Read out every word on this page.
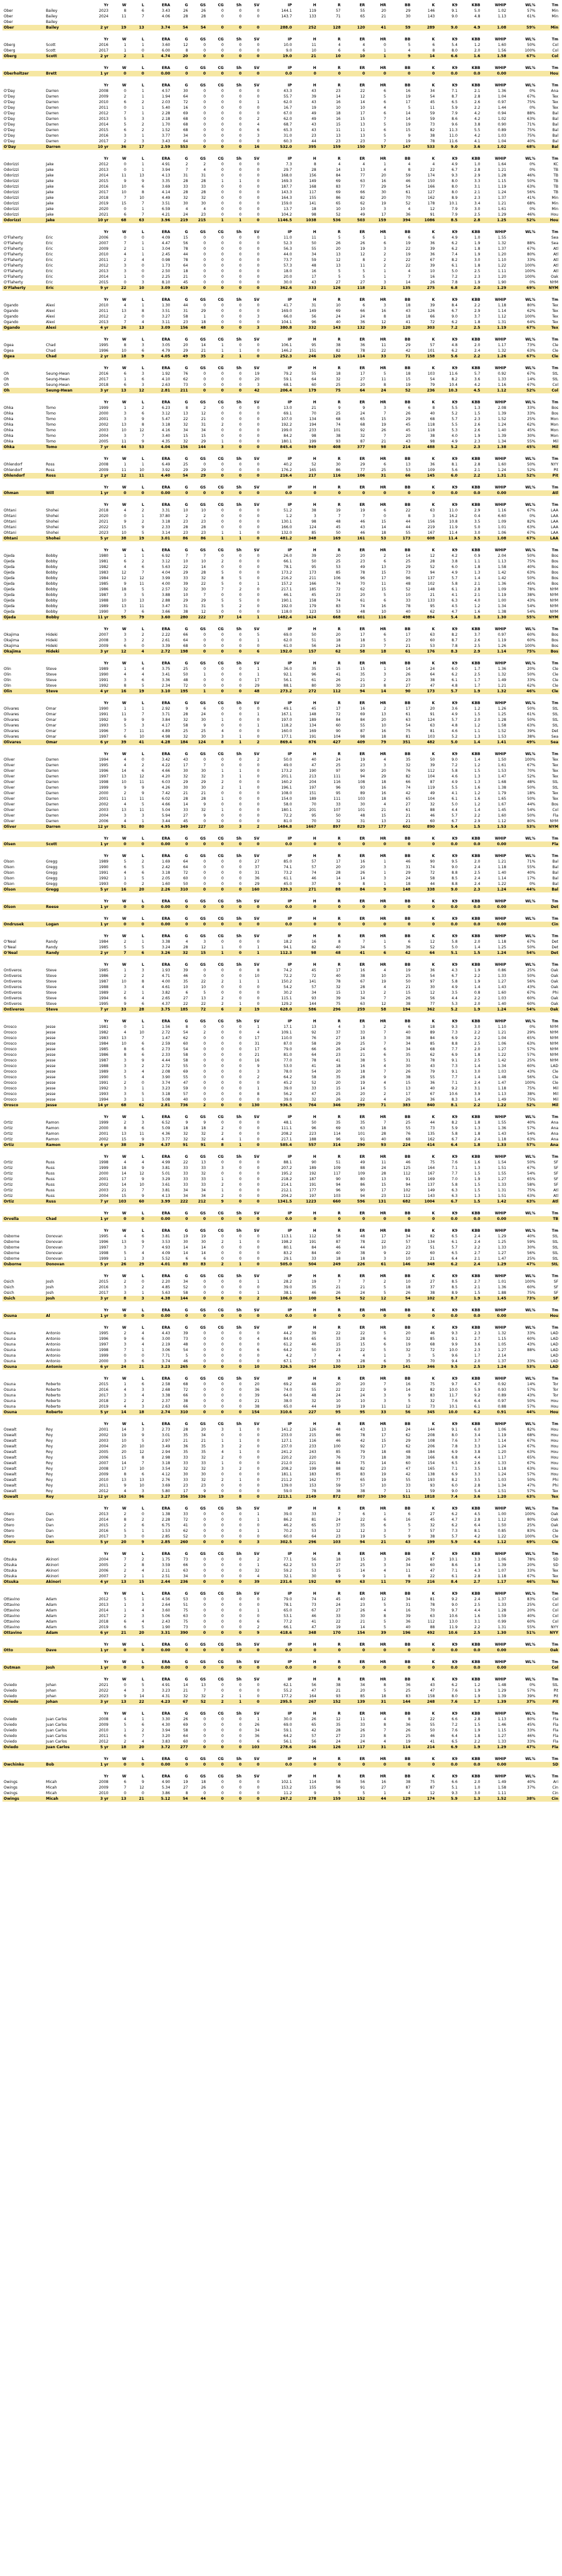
		Yr	W	L	ERA	G	GS	CG	Sh	SV	IP	H	R	ER	HR	BB	K	K9	KBB	WHIP	WL%	Tm
Ober	Bailey	2023	8	6	3.43	26	26	0	0	0	144.1	119	57	55	20	29	146	9.1	5.0	1.02	57%	Min
Ober	Bailey	2024	11	7	4.06	28	28	0	0	0	143.7	133	71	65	21	30	143	9.0	4.8	1.13	61%	Min
Ober	Bailey																					
Ober	Bailey	2 yr	19	13	3.74	54	54	0	0	0	288.0	252	128	120	41	59	289	9.0	4.9	1.08	59%	Min
		Yr	W	L	ERA	G	GS	CG	Sh	SV	IP	H	R	ER	HR	BB	K	K9	KBB	WHIP	WL%	Tm
Oberg	Scott	2016	1	1	3.60	12	0	0	0	0	10.0	11	4	4	0	5	6	5.4	1.2	1.60	50%	Col
Oberg	Scott	2017	1	0	6.00	8	0	0	0	0	9.0	10	6	6	1	4	8	8.0	2.0	1.56	100%	Col
Oberg	Scott	2 yr	2	1	4.74	20	0	0	0	0	19.0	21	10	10	1	9	14	6.6	1.6	1.58	67%	Col
		Yr	W	L	ERA	G	GS	CG	Sh	SV	IP	H	R	ER	HR	BB	K	K9	KBB	WHIP	WL%	Tm
Oberholtzer	Brett	1 yr	0	0	0.00	0	0	0	0	0	0.0	0	0	0	0	0	0	0.0	0.0	0.00		Hou
		Yr	W	L	ERA	G	GS	CG	Sh	SV	IP	H	R	ER	HR	BB	K	K9	KBB	WHIP	WL%	Tm
O'Day	Darren	2008	0	1	4.57	30	0	0	0	0	43.3	43	23	22	6	16	34	7.1	2.1	1.36	0%	Ana
O'Day	Darren	2009	2	1	1.94	64	0	0	0	0	55.7	39	14	12	5	19	54	8.7	2.8	1.04	67%	Tex
O'Day	Darren	2010	6	2	2.03	72	0	0	0	1	62.0	43	16	14	6	17	45	6.5	2.6	0.97	75%	Tex
O'Day	Darren	2011	0	1	5.40	16	0	0	0	0	16.7	19	10	10	4	5	11	5.9	2.2	1.44	0%	Tex
O'Day	Darren	2012	7	1	2.28	69	0	0	0	0	67.0	49	18	17	6	14	59	7.9	4.2	0.94	88%	Bal
O'Day	Darren	2013	5	3	2.18	68	0	0	0	2	62.0	49	16	15	7	14	59	8.6	4.2	1.02	63%	Bal
O'Day	Darren	2014	5	2	1.70	68	0	0	0	4	68.7	43	15	13	5	19	73	9.6	3.8	0.90	71%	Bal
O'Day	Darren	2015	6	2	1.52	68	0	0	0	6	65.3	43	11	11	6	15	82	11.3	5.5	0.89	75%	Bal
O'Day	Darren	2016	3	1	3.77	34	0	0	0	3	31.0	23	13	13	5	9	38	11.0	4.2	1.03	75%	Bal
O'Day	Darren	2017	2	3	3.43	64	0	0	0	0	60.3	44	23	23	7	19	78	11.6	4.1	1.04	40%	Bal
O'Day	Darren	10 yr	36	17	2.59	553	0	0	0	16	532.0	395	159	150	57	147	533	9.0	3.6	1.02	68%	Bal
		Yr	W	L	ERA	G	GS	CG	Sh	SV	IP	H	R	ER	HR	BB	K	K9	KBB	WHIP	WL%	Tm
Odorizzi	Jake	2012	0	1	4.91	2	2	0	0	0	7.3	8	4	4	1	4	4	4.9	1.0	1.64	0%	KC
Odorizzi	Jake	2013	0	1	3.94	7	4	0	0	0	29.7	28	14	13	4	8	22	6.7	2.8	1.21	0%	TB
Odorizzi	Jake	2014	11	13	4.13	31	31	0	0	0	168.0	156	84	77	20	59	174	9.3	2.9	1.28	46%	TB
Odorizzi	Jake	2015	9	9	3.35	28	28	1	1	0	169.3	149	69	63	16	46	150	8.0	3.3	1.15	50%	TB
Odorizzi	Jake	2016	10	6	3.69	33	33	0	0	0	187.7	168	83	77	29	54	166	8.0	3.1	1.19	63%	TB
Odorizzi	Jake	2017	10	8	4.14	28	28	0	0	0	143.3	117	69	66	30	61	127	8.0	2.1	1.24	56%	TB
Odorizzi	Jake	2018	7	10	4.49	32	32	0	0	0	164.3	155	86	82	20	70	162	8.9	2.3	1.37	41%	Min
Odorizzi	Jake	2019	15	7	3.51	30	30	0	0	0	159.0	141	65	62	19	52	178	10.1	3.4	1.21	68%	Min
Odorizzi	Jake	2020	0	1	6.59	4	4	0	0	0	13.7	18	10	10	3	4	12	7.9	3.0	1.61	0%	Min
Odorizzi	Jake	2021	6	7	4.21	24	23	0	0	0	104.2	98	52	49	17	36	91	7.9	2.5	1.29	46%	Hou
Odorizzi	Jake	10 yr	68	63	3.96	219	215	1	1	0	1146.5	1038	536	503	159	394	1086	8.5	2.8	1.25	52%	Hou
		Yr	W	L	ERA	G	GS	CG	Sh	SV	IP	H	R	ER	HR	BB	K	K9	KBB	WHIP	WL%	Tm
O'Flaherty	Eric	2006	0	0	4.09	15	0	0	0	0	11.0	11	5	5	1	6	6	4.9	1.0	1.55		Sea
O'Flaherty	Eric	2007	7	1	4.47	56	0	0	0	0	52.3	50	26	26	6	19	36	6.2	1.9	1.32	88%	Sea
O'Flaherty	Eric	2009	2	1	3.04	78	0	0	0	0	56.3	55	20	19	3	22	39	6.2	1.8	1.37	67%	Atl
O'Flaherty	Eric	2010	4	1	2.45	44	0	0	0	0	44.0	34	13	12	2	19	36	7.4	1.9	1.20	80%	Atl
O'Flaherty	Eric	2011	2	4	0.98	78	0	0	0	0	73.7	59	12	8	2	22	67	8.2	3.0	1.10	33%	Atl
O'Flaherty	Eric	2012	3	0	1.73	64	0	0	0	0	57.3	48	13	11	2	22	39	6.1	1.8	1.22	100%	Atl
O'Flaherty	Eric	2013	3	0	2.50	18	0	0	0	0	18.0	16	5	5	1	4	10	5.0	2.5	1.11	100%	Atl
O'Flaherty	Eric	2014	1	0	2.25	21	0	0	0	0	20.0	17	5	5	1	7	16	7.2	2.3	1.20	100%	Oak
O'Flaherty	Eric	2015	0	3	8.10	45	0	0	0	0	30.0	43	27	27	3	14	26	7.8	1.9	1.90	0%	NYM
O'Flaherty	Eric	9 yr	22	10	3.09	419	0	0	0	0	362.6	333	126	118	21	135	275	6.8	2.0	1.29	69%	NYM
		Yr	W	L	ERA	G	GS	CG	Sh	SV	IP	H	R	ER	HR	BB	K	K9	KBB	WHIP	WL%	Tm
Ogando	Alexi	2010	4	1	1.30	44	0	0	0	0	41.7	31	10	6	3	18	39	8.4	2.2	1.18	80%	Tex
Ogando	Alexi	2011	13	8	3.51	31	29	0	0	0	169.0	149	69	66	16	43	126	6.7	2.9	1.14	62%	Tex
Ogando	Alexi	2012	2	0	3.27	58	1	0	0	3	66.0	56	24	24	8	18	66	9.0	3.7	1.12	100%	Tex
Ogando	Alexi	2013	7	4	3.11	23	18	0	0	0	104.1	96	40	36	12	41	72	6.2	1.8	1.31	64%	Tex
Ogando	Alexi	4 yr	26	13	3.09	156	48	0	0	3	380.8	332	143	132	39	120	303	7.2	2.5	1.19	67%	Tex
		Yr	W	L	ERA	G	GS	CG	Sh	SV	IP	H	R	ER	HR	BB	K	K9	KBB	WHIP	WL%	Tm
Ogea	Chad	1995	8	3	3.05	20	14	1	0	0	106.1	95	38	36	11	29	57	4.8	2.0	1.17	73%	Cle
Ogea	Chad	1996	10	6	4.79	29	21	1	1	0	146.2	151	82	78	22	42	101	6.2	2.4	1.32	63%	Cle
Ogea	Chad	2 yr	18	9	4.05	49	35	2	1	0	252.3	246	120	114	33	71	158	5.6	2.2	1.26	67%	Cle
		Yr	W	L	ERA	G	GS	CG	Sh	SV	IP	H	R	ER	HR	BB	K	K9	KBB	WHIP	WL%	Tm
Oh	Seung-Hwan	2016	6	3	1.92	76	0	0	0	19	79.2	55	18	17	5	18	103	11.6	5.7	0.92	67%	StL
Oh	Seung-Hwan	2017	1	6	4.10	62	0	0	0	20	59.1	64	32	27	11	15	54	8.2	3.6	1.33	14%	StL
Oh	Seung-Hwan	2018	6	3	2.63	73	0	0	0	3	68.1	60	25	20	8	19	79	10.4	4.2	1.16	67%	Col
Oh	Seung-Hwan	3 yr	13	12	2.81	211	0	0	0	42	206.4	179	75	64	24	52	236	10.3	4.5	1.12	52%	Col
		Yr	W	L	ERA	G	GS	CG	Sh	SV	IP	H	R	ER	HR	BB	K	K9	KBB	WHIP	WL%	Tm
Ohka	Tomo	1999	1	2	6.23	8	2	0	0	0	13.0	21	9	9	3	6	8	5.5	1.3	2.08	33%	Bos
Ohka	Tomo	2000	3	6	3.12	13	12	0	0	0	69.1	70	25	24	7	26	40	5.2	1.5	1.39	33%	Bos
Ohka	Tomo	2001	3	9	5.47	22	21	0	0	0	107.0	134	68	65	15	29	68	5.7	2.3	1.52	25%	Mon
Ohka	Tomo	2002	13	8	3.18	32	31	2	0	0	192.2	194	74	68	19	45	118	5.5	2.6	1.24	62%	Mon
Ohka	Tomo	2003	10	12	4.16	34	34	0	0	0	199.0	233	101	92	26	45	118	5.3	2.6	1.40	45%	Mon
Ohka	Tomo	2004	3	7	3.40	15	15	0	0	0	84.2	98	38	32	7	20	38	4.0	1.9	1.39	30%	Mon
Ohka	Tomo	2005	11	9	4.35	32	29	1	0	0	180.1	199	93	87	21	43	98	4.9	2.3	1.34	55%	Mil
Ohka	Tomo	7 yr	44	53	4.04	156	144	3	0	0	845.4	949	408	377	98	214	488	5.2	2.3	1.38	45%	Mil
		Yr	W	L	ERA	G	GS	CG	Sh	SV	IP	H	R	ER	HR	BB	K	K9	KBB	WHIP	WL%	Tm
Ohlendorf	Ross	2008	1	1	6.49	25	0	0	0	0	40.2	52	30	29	6	13	36	8.1	2.8	1.60	50%	NYY
Ohlendorf	Ross	2009	11	10	3.92	29	29	0	0	0	176.2	165	86	77	25	53	109	5.6	2.1	1.24	52%	Pit
Ohlendorf	Ross	2 yr	12	11	4.40	54	29	0	0	0	216.4	217	116	106	31	66	145	6.0	2.2	1.31	52%	Pit
		Yr	W	L	ERA	G	GS	CG	Sh	SV	IP	H	R	ER	HR	BB	K	K9	KBB	WHIP	WL%	Tm
Ohman	Will	1 yr	0	0	0.00	0	0	0	0	0	0.0	0	0	0	0	0	0	0.0	0.0	0.00		Atl
		Yr	W	L	ERA	G	GS	CG	Sh	SV	IP	H	R	ER	HR	BB	K	K9	KBB	WHIP	WL%	Tm
Ohtani	Shohei	2018	4	2	3.31	10	10	0	0	0	51.2	38	19	19	6	22	63	11.0	2.9	1.16	67%	LAA
Ohtani	Shohei	2020	0	1	37.80	2	2	0	0	0	1.2	3	7	7	0	8	3	16.2	0.4	6.60	0%	LAA
Ohtani	Shohei	2021	9	2	3.18	23	23	0	0	0	130.1	98	48	46	15	44	156	10.8	3.5	1.09	82%	LAA
Ohtani	Shohei	2022	15	9	2.33	28	28	0	0	0	166.0	124	45	43	14	44	219	11.9	5.0	1.01	63%	LAA
Ohtani	Shohei	2023	10	5	3.14	23	23	1	1	0	132.0	85	50	46	18	55	167	11.4	3.0	1.06	67%	LAA
Ohtani	Shohei	5 yr	38	19	3.01	86	86	1	1	0	481.2	348	169	161	53	173	608	11.4	3.5	1.08	67%	LAA
		Yr	W	L	ERA	G	GS	CG	Sh	SV	IP	H	R	ER	HR	BB	K	K9	KBB	WHIP	WL%	Tm
Ojeda	Bobby	1980	1	1	6.92	7	7	0	0	0	26.0	39	20	20	2	14	12	4.2	0.9	2.04	50%	Bos
Ojeda	Bobby	1981	6	2	3.12	10	10	2	0	0	66.1	50	25	23	6	25	28	3.8	1.1	1.13	75%	Bos
Ojeda	Bobby	1982	4	6	5.63	22	14	0	0	0	78.1	95	53	49	13	29	52	6.0	1.8	1.58	40%	Bos
Ojeda	Bobby	1983	12	7	4.04	29	28	5	0	0	173.2	173	85	78	15	73	94	4.9	1.3	1.42	63%	Bos
Ojeda	Bobby	1984	12	12	3.99	33	32	8	5	0	216.2	211	106	96	17	96	137	5.7	1.4	1.42	50%	Bos
Ojeda	Bobby	1985	9	11	4.00	39	22	5	0	1	157.2	166	74	70	11	48	102	5.8	2.1	1.36	45%	Bos
Ojeda	Bobby	1986	18	5	2.57	32	30	7	2	0	217.1	185	72	62	15	52	148	6.1	2.8	1.09	78%	NYM
Ojeda	Bobby	1987	3	5	3.88	10	7	0	0	0	46.1	45	23	20	5	10	21	4.1	2.1	1.19	38%	NYM
Ojeda	Bobby	1988	10	13	2.88	29	29	5	5	0	190.1	158	74	61	6	33	133	6.3	4.0	1.00	43%	NYM
Ojeda	Bobby	1989	13	11	3.47	31	31	5	2	0	192.0	179	83	74	16	78	95	4.5	1.2	1.34	54%	NYM
Ojeda	Bobby	1990	7	6	3.66	38	12	0	0	0	118.0	123	53	48	10	40	62	4.7	1.6	1.38	54%	NYM
Ojeda	Bobby	11 yr	95	79	3.60	280	222	37	14	1	1482.4	1424	668	601	116	498	884	5.4	1.8	1.30	55%	NYM
		Yr	W	L	ERA	G	GS	CG	Sh	SV	IP	H	R	ER	HR	BB	K	K9	KBB	WHIP	WL%	Tm
Okajima	Hideki	2007	3	2	2.22	66	0	0	0	5	69.0	50	20	17	6	17	63	8.2	3.7	0.97	60%	Bos
Okajima	Hideki	2008	3	2	2.61	64	0	0	0	1	62.0	51	18	18	5	23	60	8.7	2.6	1.19	60%	Bos
Okajima	Hideki	2009	6	0	3.39	68	0	0	0	0	61.0	56	24	23	7	21	53	7.8	2.5	1.26	100%	Bos
Okajima	Hideki	3 yr	12	4	2.72	198	0	0	0	6	192.0	157	62	58	18	61	176	8.3	2.9	1.14	75%	Bos
		Yr	W	L	ERA	G	GS	CG	Sh	SV	IP	H	R	ER	HR	BB	K	K9	KBB	WHIP	WL%	Tm
Olin	Steve	1989	1	4	3.75	25	0	0	0	1	36.0	35	15	15	1	14	24	6.0	1.7	1.36	20%	Cle
Olin	Steve	1990	4	4	3.41	50	1	0	0	1	92.1	96	41	35	3	26	64	6.2	2.5	1.32	50%	Cle
Olin	Steve	1991	3	6	3.36	48	0	0	0	17	56.1	61	26	21	2	23	38	6.1	1.7	1.49	33%	Cle
Olin	Steve	1992	8	5	2.34	72	0	0	0	29	88.1	80	30	23	8	27	47	4.8	1.7	1.21	62%	Cle
Olin	Steve	4 yr	16	19	3.10	195	1	0	0	48	273.2	272	112	94	14	90	173	5.7	1.9	1.32	46%	Cle
		Yr	W	L	ERA	G	GS	CG	Sh	SV	IP	H	R	ER	HR	BB	K	K9	KBB	WHIP	WL%	Tm
Olivares	Omar	1990	1	1	2.92	9	6	0	0	0	49.1	45	17	16	2	17	20	3.6	1.2	1.26	50%	StL
Olivares	Omar	1991	11	7	3.71	28	24	0	0	1	167.1	148	72	69	13	61	91	4.9	1.5	1.25	61%	StL
Olivares	Omar	1992	9	9	3.84	32	30	1	0	0	197.0	189	84	84	20	63	124	5.7	2.0	1.28	50%	StL
Olivares	Omar	1993	5	3	4.17	58	9	0	0	1	118.2	134	60	55	10	54	63	4.8	1.2	1.58	63%	StL
Olivares	Omar	1996	7	11	4.89	25	25	4	0	0	160.0	169	90	87	16	75	81	4.6	1.1	1.52	39%	Det
Olivares	Omar	1997	6	10	4.98	32	30	3	1	0	177.1	191	104	98	18	81	103	5.2	1.3	1.53	38%	Sea
Olivares	Omar	6 yr	39	41	4.28	184	124	8	1	2	869.4	876	427	409	79	351	482	5.0	1.4	1.41	49%	Sea
		Yr	W	L	ERA	G	GS	CG	Sh	SV	IP	H	R	ER	HR	BB	K	K9	KBB	WHIP	WL%	Tm
Oliver	Darren	1994	4	0	3.42	43	0	0	0	2	50.0	40	24	19	4	35	50	9.0	1.4	1.50	100%	Tex
Oliver	Darren	1995	4	2	4.22	17	7	0	0	0	49.0	47	25	23	3	32	39	7.2	1.2	1.61	67%	Tex
Oliver	Darren	1996	14	6	4.66	30	30	1	1	0	173.2	190	97	90	20	76	112	5.8	1.5	1.53	70%	Tex
Oliver	Darren	1997	13	12	4.20	32	32	3	1	0	201.1	213	111	94	29	82	104	4.6	1.3	1.47	52%	Tex
Oliver	Darren	1998	10	11	6.03	29	29	2	0	0	160.2	204	116	108	18	66	87	4.9	1.3	1.68	48%	StL
Oliver	Darren	1999	9	9	4.26	30	30	2	1	0	196.1	197	96	93	16	74	119	5.5	1.6	1.38	50%	StL
Oliver	Darren	2000	2	9	7.42	21	21	0	0	0	108.0	151	95	89	16	42	49	4.1	1.2	1.79	18%	Tex
Oliver	Darren	2001	11	11	6.02	28	28	1	0	0	154.0	189	111	103	18	65	104	6.1	1.6	1.65	50%	Tex
Oliver	Darren	2002	4	5	4.66	14	9	0	0	0	58.0	70	33	30	4	27	32	5.0	1.2	1.67	44%	Bos
Oliver	Darren	2003	13	11	5.04	33	32	1	0	0	180.1	201	107	101	21	61	88	4.4	1.4	1.45	54%	Col
Oliver	Darren	2004	3	3	5.94	27	9	0	0	0	72.2	95	50	48	15	21	46	5.7	2.2	1.60	50%	Fla
Oliver	Darren	2006	4	1	3.44	45	0	0	0	0	81.0	70	32	31	13	21	60	6.7	2.9	1.12	80%	NYM
Oliver	Darren	12 yr	91	80	4.95	349	227	10	3	2	1484.8	1667	897	829	177	602	890	5.4	1.5	1.53	53%	NYM
		Yr	W	L	ERA	G	GS	CG	Sh	SV	IP	H	R	ER	HR	BB	K	K9	KBB	WHIP	WL%	Tm
Olsen	Scott	1 yr	0	0	0.00	0	0	0	0	0	0.0	0	0	0	0	0	0	0.0	0.0	0.00		Fla
		Yr	W	L	ERA	G	GS	CG	Sh	SV	IP	H	R	ER	HR	BB	K	K9	KBB	WHIP	WL%	Tm
Olson	Gregg	1989	5	2	1.69	64	0	0	0	27	85.0	57	17	16	1	46	90	9.5	2.0	1.21	71%	Bal
Olson	Gregg	1990	6	5	2.42	64	0	0	0	37	74.1	57	20	20	3	31	74	9.0	2.4	1.18	55%	Bal
Olson	Gregg	1991	4	6	3.18	72	0	0	0	31	73.2	74	28	26	1	29	72	8.8	2.5	1.40	40%	Bal
Olson	Gregg	1992	1	5	2.05	60	0	0	0	36	61.1	46	14	14	3	24	58	8.5	2.4	1.14	17%	Bal
Olson	Gregg	1993	0	2	1.60	50	0	0	0	29	45.0	37	9	8	1	18	44	8.8	2.4	1.22	0%	Bal
Olson	Gregg	5 yr	16	20	2.26	310	0	0	0	160	339.3	271	88	84	9	148	338	9.0	2.3	1.24	44%	Bal
		Yr	W	L	ERA	G	GS	CG	Sh	SV	IP	H	R	ER	HR	BB	K	K9	KBB	WHIP	WL%	Tm
Olson	Reese	1 yr	0	0	0.00	0	0	0	0	0	0.0	0	0	0	0	0	0	0.0	0.0	0.00		Det
		Yr	W	L	ERA	G	GS	CG	Sh	SV	IP	H	R	ER	HR	BB	K	K9	KBB	WHIP	WL%	Tm
Ondrusek	Logan	1 yr	0	0	0.00	0	0	0	0	0	0.0	0	0	0	0	0	0	0.0	0.0	0.00		Cin
		Yr	W	L	ERA	G	GS	CG	Sh	SV	IP	H	R	ER	HR	BB	K	K9	KBB	WHIP	WL%	Tm
O'Neal	Randy	1984	2	1	3.38	4	3	0	0	0	18.2	16	8	7	1	6	12	5.8	2.0	1.18	67%	Det
O'Neal	Randy	1985	5	5	3.24	28	12	1	0	1	94.1	82	40	34	5	36	52	5.0	1.4	1.25	50%	Det
O'Neal	Randy	2 yr	7	6	3.26	32	15	1	0	1	112.3	98	48	41	6	42	64	5.1	1.5	1.24	54%	Det
		Yr	W	L	ERA	G	GS	CG	Sh	SV	IP	H	R	ER	HR	BB	K	K9	KBB	WHIP	WL%	Tm
Ontiveros	Steve	1985	1	3	1.93	39	0	0	0	8	74.2	45	17	16	4	19	36	4.3	1.9	0.86	25%	Oak
Ontiveros	Steve	1986	2	2	4.71	46	0	0	0	10	72.2	72	40	38	10	25	54	6.7	2.2	1.33	50%	Oak
Ontiveros	Steve	1987	10	8	4.00	35	22	2	1	1	150.2	141	78	67	19	50	97	5.8	1.9	1.27	56%	Oak
Ontiveros	Steve	1988	3	4	4.61	10	10	0	0	0	54.2	57	32	28	4	21	30	4.9	1.4	1.43	43%	Oak
Ontiveros	Steve	1989	2	1	3.82	6	5	0	0	0	30.2	34	15	13	2	15	12	3.5	0.8	1.60	67%	Phi
Ontiveros	Steve	1994	6	4	2.65	27	13	2	0	0	115.1	93	39	34	7	26	56	4.4	2.2	1.03	60%	Oak
Ontiveros	Steve	1995	9	6	4.37	22	22	2	1	0	129.2	144	75	63	12	38	77	5.3	2.0	1.40	60%	Oak
Ontiveros	Steve	7 yr	33	28	3.75	185	72	6	2	19	628.0	586	296	259	58	194	362	5.2	1.9	1.24	54%	Oak
		Yr	W	L	ERA	G	GS	CG	Sh	SV	IP	H	R	ER	HR	BB	K	K9	KBB	WHIP	WL%	Tm
Orosco	Jesse	1981	0	1	1.56	8	0	0	0	1	17.1	13	4	3	2	6	18	9.3	3.0	1.10	0%	NYM
Orosco	Jesse	1982	4	10	2.72	54	2	0	0	4	109.1	92	37	33	7	40	89	7.3	2.2	1.21	29%	NYM
Orosco	Jesse	1983	13	7	1.47	62	0	0	0	17	110.0	76	27	18	3	38	84	6.9	2.2	1.04	65%	NYM
Orosco	Jesse	1984	10	6	2.59	60	0	0	0	31	87.0	58	29	25	7	34	85	8.8	2.5	1.06	63%	NYM
Orosco	Jesse	1985	8	6	2.73	54	0	0	0	17	79.0	66	26	24	6	34	68	7.7	2.0	1.27	57%	NYM
Orosco	Jesse	1986	8	6	2.33	58	0	0	0	21	81.0	64	23	21	6	35	62	6.9	1.8	1.22	57%	NYM
Orosco	Jesse	1987	3	9	4.44	58	0	0	0	16	77.0	78	41	38	5	31	78	9.1	2.5	1.42	25%	NYM
Orosco	Jesse	1988	3	2	2.72	55	0	0	0	9	53.0	41	18	16	4	30	43	7.3	1.4	1.34	60%	LAD
Orosco	Jesse	1989	3	4	2.08	69	0	0	0	3	78.0	54	20	18	7	26	79	9.1	3.0	1.03	43%	Cle
Orosco	Jesse	1990	5	4	3.90	55	0	0	0	2	64.2	58	35	28	9	38	55	7.7	1.4	1.48	56%	Cle
Orosco	Jesse	1991	2	0	3.74	47	0	0	0	0	45.2	52	20	19	4	15	36	7.1	2.4	1.47	100%	Cle
Orosco	Jesse	1992	3	1	3.23	59	0	0	0	1	39.0	33	15	14	5	13	40	9.2	3.1	1.18	75%	Mil
Orosco	Jesse	1993	3	5	3.18	57	0	0	0	8	56.2	47	25	20	2	17	67	10.6	3.9	1.13	38%	Mil
Orosco	Jesse	1994	3	1	5.08	40	0	0	0	0	39.0	32	26	22	4	26	36	8.3	1.4	1.49	75%	Mil
Orosco	Jesse	14 yr	68	62	2.81	736	2	0	0	130	936.5	764	346	299	71	383	840	8.1	2.2	1.22	52%	Mil
		Yr	W	L	ERA	G	GS	CG	Sh	SV	IP	H	R	ER	HR	BB	K	K9	KBB	WHIP	WL%	Tm
Ortiz	Ramon	1999	2	3	6.52	9	9	0	0	0	48.1	50	35	35	7	25	44	8.2	1.8	1.55	40%	Ana
Ortiz	Ramon	2000	8	6	5.09	18	18	2	0	0	111.1	96	69	63	18	55	73	5.9	1.3	1.36	57%	Ana
Ortiz	Ramon	2001	13	11	4.36	32	32	2	0	0	208.2	223	114	101	28	76	135	5.8	1.8	1.43	54%	Ana
Ortiz	Ramon	2002	15	9	3.77	32	32	4	1	0	217.1	188	96	91	40	68	162	6.7	2.4	1.18	63%	Ana
Ortiz	Ramon	4 yr	38	29	4.37	91	91	8	1	0	585.4	557	314	290	93	224	414	6.4	1.8	1.33	57%	Ana
		Yr	W	L	ERA	G	GS	CG	Sh	SV	IP	H	R	ER	HR	BB	K	K9	KBB	WHIP	WL%	Tm
Ortiz	Russ	1998	4	4	4.99	22	13	0	0	0	88.1	90	51	49	11	46	75	7.6	1.6	1.54	50%	SF
Ortiz	Russ	1999	18	9	3.81	33	33	3	0	0	207.2	189	109	88	24	125	164	7.1	1.3	1.51	67%	SF
Ortiz	Russ	2000	14	12	5.01	33	32	0	0	0	195.2	192	117	109	28	112	167	7.7	1.5	1.55	54%	SF
Ortiz	Russ	2001	17	9	3.29	33	33	1	0	0	218.2	187	90	80	13	91	169	7.0	1.9	1.27	65%	SF
Ortiz	Russ	2002	14	10	3.61	33	33	2	0	0	214.1	191	94	86	15	94	137	5.8	1.5	1.33	58%	SF
Ortiz	Russ	2003	21	7	3.81	34	34	1	0	0	212.1	177	96	90	17	102	149	6.3	1.5	1.31	75%	Atl
Ortiz	Russ	2004	15	9	4.13	34	34	2	0	0	204.2	197	103	94	23	112	143	6.3	1.3	1.51	63%	Atl
Ortiz	Russ	7 yr	103	60	3.99	222	212	9	0	0	1341.5	1223	660	596	131	682	1004	6.7	1.5	1.42	63%	Atl
		Yr	W	L	ERA	G	GS	CG	Sh	SV	IP	H	R	ER	HR	BB	K	K9	KBB	WHIP	WL%	Tm
Orvella	Chad	1 yr	0	0	0.00	0	0	0	0	0	0.0	0	0	0	0	0	0	0.0	0.0	0.00		TB
		Yr	W	L	ERA	G	GS	CG	Sh	SV	IP	H	R	ER	HR	BB	K	K9	KBB	WHIP	WL%	Tm
Osborne	Donovan	1995	4	6	3.81	19	19	0	0	0	113.1	112	58	48	17	34	82	6.5	2.4	1.29	40%	StL
Osborne	Donovan	1996	13	9	3.53	30	30	2	1	0	198.2	191	87	78	22	57	134	6.1	2.4	1.25	59%	StL
Osborne	Donovan	1997	3	7	4.93	14	14	0	0	0	80.1	84	46	44	10	23	51	5.7	2.2	1.33	30%	StL
Osborne	Donovan	1998	5	4	4.09	14	14	0	0	0	83.2	84	40	38	9	22	60	6.5	2.7	1.27	56%	StL
Osborne	Donovan	1999	1	3	5.52	6	6	0	0	0	29.1	33	18	18	3	10	21	6.4	2.1	1.47	25%	StL
Osborne	Donovan	5 yr	26	29	4.01	83	83	2	1	0	505.0	504	249	226	61	146	348	6.2	2.4	1.29	47%	StL
		Yr	W	L	ERA	G	GS	CG	Sh	SV	IP	H	R	ER	HR	BB	K	K9	KBB	WHIP	WL%	Tm
Osich	Josh	2015	2	0	2.20	34	0	0	0	1	28.2	19	7	7	2	10	27	8.5	2.7	1.01	100%	SF
Osich	Josh	2016	3	2	4.85	52	0	0	0	0	39.0	35	21	21	5	18	37	8.5	2.1	1.36	60%	SF
Osich	Josh	2017	3	1	5.63	58	0	0	0	1	38.1	46	26	24	5	26	38	8.9	1.5	1.88	75%	SF
Osich	Josh	3 yr	8	3	4.38	144	0	0	0	2	106.0	100	54	52	12	54	102	8.7	1.9	1.45	73%	SF
		Yr	W	L	ERA	G	GS	CG	Sh	SV	IP	H	R	ER	HR	BB	K	K9	KBB	WHIP	WL%	Tm
Osuna	Al	1 yr	0	0	0.00	0	0	0	0	0	0.0	0	0	0	0	0	0	0.0	0.0	0.00		Hou
		Yr	W	L	ERA	G	GS	CG	Sh	SV	IP	H	R	ER	HR	BB	K	K9	KBB	WHIP	WL%	Tm
Osuna	Antonio	1995	2	4	4.43	39	0	0	0	0	44.2	39	22	22	5	20	46	9.3	2.3	1.32	33%	LAD
Osuna	Antonio	1996	9	6	3.00	73	0	0	0	4	84.0	65	33	28	6	32	85	9.1	2.7	1.15	60%	LAD
Osuna	Antonio	1997	3	4	2.19	48	0	0	0	0	61.2	46	15	15	6	19	68	9.9	3.6	1.05	43%	LAD
Osuna	Antonio	1998	7	1	3.06	54	0	0	0	6	64.2	50	23	22	5	32	72	10.0	2.3	1.27	88%	LAD
Osuna	Antonio	1999	0	0	7.71	5	0	0	0	0	4.2	7	4	4	1	3	5	9.6	1.7	2.14		LAD
Osuna	Antonio	2000	3	6	3.74	46	0	0	0	0	67.1	57	33	28	6	35	70	9.4	2.0	1.37	33%	LAD
Osuna	Antonio	6 yr	24	21	3.23	265	0	0	0	10	326.5	264	130	119	29	141	346	9.5	2.5	1.24	53%	LAD
		Yr	W	L	ERA	G	GS	CG	Sh	SV	IP	H	R	ER	HR	BB	K	K9	KBB	WHIP	WL%	Tm
Osuna	Roberto	2015	1	6	2.58	68	0	0	0	20	69.2	48	20	20	7	16	75	9.7	4.7	0.92	14%	Tor
Osuna	Roberto	2016	4	3	2.68	72	0	0	0	36	74.0	55	22	22	9	14	82	10.0	5.9	0.93	57%	Tor
Osuna	Roberto	2017	3	4	3.38	66	0	0	0	39	64.0	48	24	24	3	9	83	11.7	9.2	0.89	43%	Tor
Osuna	Roberto	2018	2	2	2.37	38	0	0	0	21	38.0	32	10	10	3	5	32	7.6	6.4	0.97	50%	Hou
Osuna	Roberto	2019	4	3	2.63	66	0	0	0	38	65.0	44	19	19	11	12	73	10.1	6.1	0.88	57%	Hou
Osuna	Roberto	5 yr	14	18	2.74	310	0	0	0	154	310.6	227	95	95	33	56	345	10.0	6.2	0.91	44%	Hou
		Yr	W	L	ERA	G	GS	CG	Sh	SV	IP	H	R	ER	HR	BB	K	K9	KBB	WHIP	WL%	Tm
Oswalt	Roy	2001	14	3	2.73	28	20	3	1	0	141.2	126	48	43	13	24	144	9.1	6.0	1.06	82%	Hou
Oswalt	Roy	2002	19	9	3.01	35	34	0	0	0	233.0	215	86	78	17	62	208	8.0	3.4	1.19	68%	Hou
Oswalt	Roy	2003	10	5	2.97	21	21	1	1	0	127.1	116	46	42	15	29	108	7.6	3.7	1.14	67%	Hou
Oswalt	Roy	2004	20	10	3.49	36	35	3	2	0	237.0	233	100	92	17	62	206	7.8	3.3	1.24	67%	Hou
Oswalt	Roy	2005	20	12	2.94	35	35	4	1	0	241.2	243	85	79	18	48	184	6.9	3.8	1.20	63%	Hou
Oswalt	Roy	2006	15	8	2.98	33	32	2	0	0	220.2	220	76	73	18	38	166	6.8	4.4	1.17	65%	Hou
Oswalt	Roy	2007	14	7	3.18	33	33	1	0	0	212.0	221	84	75	14	60	154	6.5	2.6	1.33	67%	Hou
Oswalt	Roy	2008	17	10	3.54	32	32	3	2	0	208.2	199	88	82	23	47	165	7.1	3.5	1.18	63%	Hou
Oswalt	Roy	2009	8	6	4.12	30	30	0	0	0	181.1	183	85	83	19	42	138	6.9	3.3	1.24	57%	Hou
Oswalt	Roy	2010	13	13	2.76	33	32	2	1	0	211.2	162	77	65	19	55	193	8.2	3.5	1.03	50%	Phi
Oswalt	Roy	2011	9	10	3.69	23	23	0	0	0	139.0	153	59	57	10	33	93	6.0	2.8	1.34	47%	Phi
Oswalt	Roy	2012	4	3	5.80	17	9	0	0	0	59.0	78	38	38	7	11	59	9.0	5.4	1.51	57%	Tex
Oswalt	Roy	12 yr	163	96	3.27	356	336	19	8	0	2213.1	2149	872	807	190	511	1818	7.4	3.6	1.20	63%	Tex
		Yr	W	L	ERA	G	GS	CG	Sh	SV	IP	H	R	ER	HR	BB	K	K9	KBB	WHIP	WL%	Tm
Otero	Dan	2013	2	0	1.38	33	0	0	0	1	39.0	33	7	6	1	6	27	6.2	4.5	1.00	100%	Oak
Otero	Dan	2014	8	2	2.28	72	0	0	0	1	86.2	81	24	22	6	16	45	4.7	2.8	1.12	80%	Oak
Otero	Dan	2015	2	6	6.75	41	0	0	0	0	46.2	65	37	35	6	5	32	6.2	6.4	1.50	25%	Oak
Otero	Dan	2016	5	1	1.53	62	0	0	0	1	70.2	53	12	12	3	7	57	7.3	8.1	0.85	83%	Cle
Otero	Dan	2017	3	0	2.85	52	0	0	0	0	60.0	64	23	19	5	9	38	5.7	4.2	1.22	100%	Cle
Otero	Dan	5 yr	20	9	2.85	260	0	0	0	3	302.5	296	103	94	21	43	199	5.9	4.6	1.12	69%	Cle
		Yr	W	L	ERA	G	GS	CG	Sh	SV	IP	H	R	ER	HR	BB	K	K9	KBB	WHIP	WL%	Tm
Otsuka	Akinori	2004	7	2	1.75	73	0	0	0	2	77.1	56	18	15	3	26	87	10.1	3.3	1.06	78%	SD
Otsuka	Akinori	2005	2	8	3.59	66	0	0	0	1	62.2	53	27	25	3	34	60	8.6	1.8	1.39	20%	SD
Otsuka	Akinori	2006	2	4	2.11	63	0	0	0	32	59.2	53	15	14	4	11	47	7.1	4.3	1.07	33%	Tex
Otsuka	Akinori	2007	2	1	2.51	34	0	0	0	4	32.1	30	9	9	1	8	22	6.1	2.8	1.18	67%	Tex
Otsuka	Akinori	4 yr	13	15	2.44	236	0	0	0	39	231.6	192	69	63	11	79	216	8.4	2.7	1.17	46%	Tex
		Yr	W	L	ERA	G	GS	CG	Sh	SV	IP	H	R	ER	HR	BB	K	K9	KBB	WHIP	WL%	Tm
Ottavino	Adam	2012	5	1	4.56	53	0	0	0	0	79.0	74	45	40	12	34	81	9.2	2.4	1.37	83%	Col
Ottavino	Adam	2013	1	3	2.64	51	0	0	0	0	78.1	73	24	23	5	31	78	9.0	2.5	1.33	25%	Col
Ottavino	Adam	2014	1	4	3.60	75	0	0	0	1	65.0	67	27	26	4	16	70	9.7	4.4	1.28	20%	Col
Ottavino	Adam	2017	2	3	5.06	63	0	0	0	0	53.1	46	33	30	8	39	63	10.6	1.6	1.59	40%	Col
Ottavino	Adam	2018	6	4	2.43	75	0	0	0	6	77.2	41	22	21	5	36	112	13.0	3.1	0.99	60%	Col
Ottavino	Adam	2019	6	5	1.90	73	0	0	0	2	66.1	47	19	14	5	40	88	11.9	2.2	1.31	55%	NYY
Ottavino	Adam	6 yr	21	20	3.31	390	0	0	0	9	418.6	348	170	154	39	196	492	10.6	2.5	1.30	51%	NYY
		Yr	W	L	ERA	G	GS	CG	Sh	SV	IP	H	R	ER	HR	BB	K	K9	KBB	WHIP	WL%	Tm
Otto	Dave	1 yr	0	0	0.00	0	0	0	0	0	0.0	0	0	0	0	0	0	0.0	0.0	0.00		Oak
		Yr	W	L	ERA	G	GS	CG	Sh	SV	IP	H	R	ER	HR	BB	K	K9	KBB	WHIP	WL%	Tm
Outman	Josh	1 yr	0	0	0.00	0	0	0	0	0	0.0	0	0	0	0	0	0	0.0	0.0	0.00		Col
		Yr	W	L	ERA	G	GS	CG	Sh	SV	IP	H	R	ER	HR	BB	K	K9	KBB	WHIP	WL%	Tm
Oviedo	Johan	2021	0	5	4.91	14	13	0	0	0	62.1	56	38	34	8	36	43	6.2	1.2	1.48	0%	StL
Oviedo	Johan	2022	4	3	3.23	21	7	0	0	0	55.2	47	21	20	5	25	47	7.6	1.9	1.29	57%	Pit
Oviedo	Johan	2023	9	14	4.31	32	32	2	1	0	177.2	164	93	85	18	83	158	8.0	1.9	1.39	39%	Pit
Oviedo	Johan	3 yr	13	22	4.23	67	52	2	1	0	295.5	267	152	139	31	144	248	7.6	1.7	1.39	37%	Pit
		Yr	W	L	ERA	G	GS	CG	Sh	SV	IP	H	R	ER	HR	BB	K	K9	KBB	WHIP	WL%	Tm
Oviedo	Juan Carlos	2008	4	1	3.30	26	0	0	0	1	30.0	26	12	11	4	8	22	6.6	2.8	1.13	80%	Fla
Oviedo	Juan Carlos	2009	5	6	4.30	69	0	0	0	26	69.0	65	35	33	8	36	55	7.2	1.5	1.46	45%	Fla
Oviedo	Juan Carlos	2010	1	2	3.94	58	0	0	0	34	59.1	42	28	26	7	26	50	7.6	1.9	1.15	33%	Fla
Oviedo	Juan Carlos	2011	6	7	3.20	64	0	0	0	36	64.2	57	27	23	8	25	46	6.4	1.8	1.27	46%	Fla
Oviedo	Juan Carlos	2012	2	4	3.83	60	0	0	0	6	56.1	56	24	24	4	19	41	6.5	2.2	1.33	33%	Fla
Oviedo	Juan Carlos	5 yr	18	20	3.72	277	0	0	0	103	278.6	246	126	117	31	114	214	6.9	1.9	1.29	47%	Fla
		Yr	W	L	ERA	G	GS	CG	Sh	SV	IP	H	R	ER	HR	BB	K	K9	KBB	WHIP	WL%	Tm
Owchinko	Bob	1 yr	0	0	0.00	0	0	0	0	0	0.0	0	0	0	0	0	0	0.0	0.0	0.00		SD
		Yr	W	L	ERA	G	GS	CG	Sh	SV	IP	H	R	ER	HR	BB	K	K9	KBB	WHIP	WL%	Tm
Owings	Micah	2008	6	9	4.90	19	18	0	0	0	102.1	114	58	56	16	38	75	6.6	2.0	1.49	40%	Ari
Owings	Micah	2009	7	12	5.34	27	26	0	0	0	153.2	155	96	91	27	87	87	5.1	1.0	1.58	37%	Cin
Owings	Micah	2010	0	0	3.86	8	0	0	0	0	11.2	9	5	5	1	4	12	9.3	3.0	1.11		Cin
Owings	Micah	3 yr	13	21	5.12	54	44	0	0	0	267.2	278	159	152	44	129	174	5.9	1.3	1.52	38%	Cin
